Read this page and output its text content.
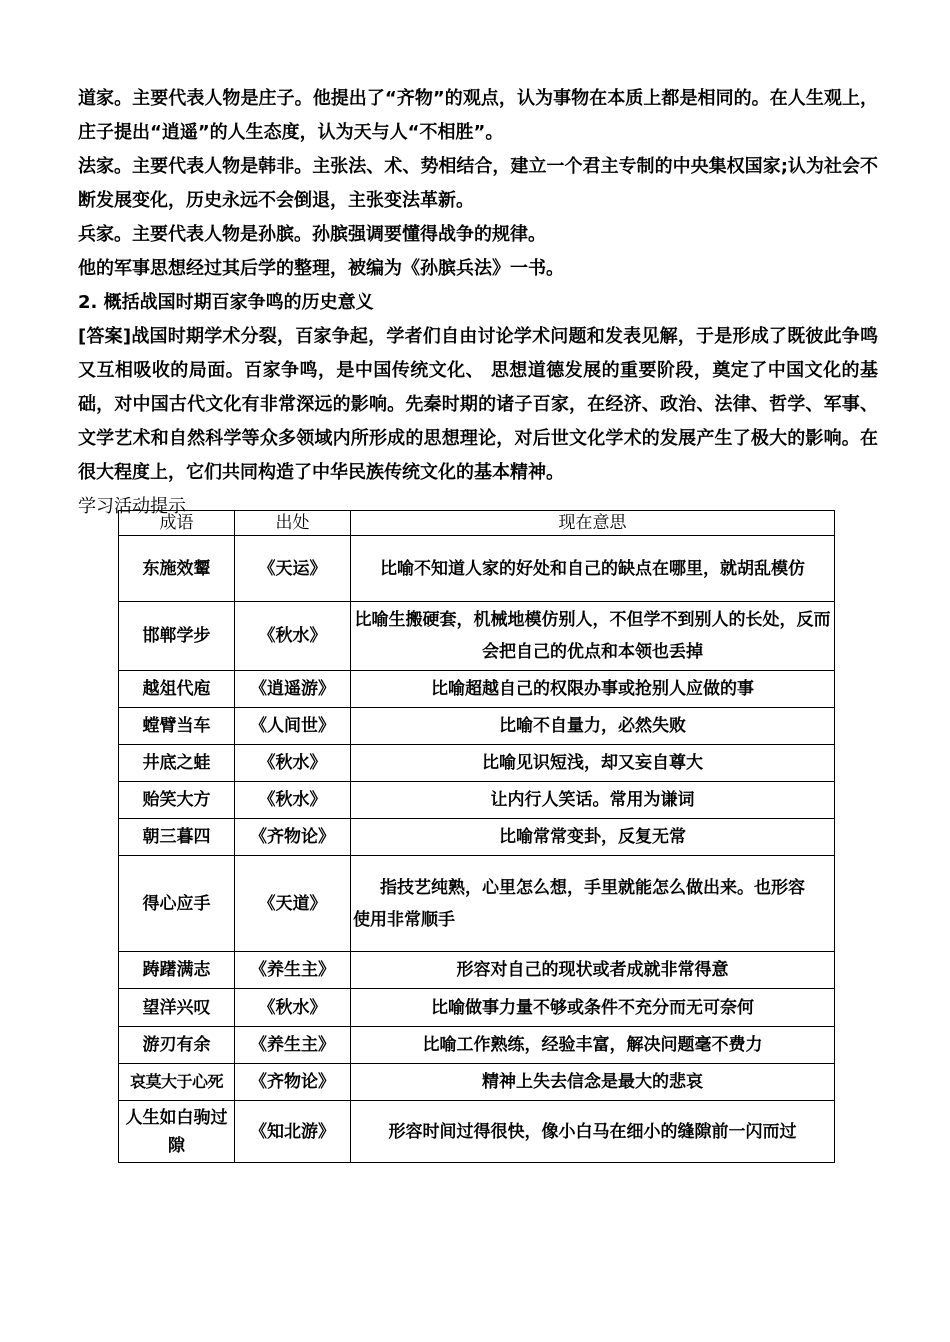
道家。主要代表人物是庄子。他提出了“齐物”的观点，认为事物在本质上都是相同的。在人生观上，庄子提出“逍遥”的人生态度，认为天与人“不相胜”。

法家。主要代表人物是韩非。主张法、术、势相结合，建立一个君主专制的中央集权国家;认为社会不断发展变化，历史永远不会倒退，主张变法革新。

兵家。主要代表人物是孙膑。孙膑强调要懂得战争的规律。

他的军事思想经过其后学的整理，被编为《孙膑兵法》一书。

2. 概括战国时期百家争鸣的历史意义

[答案]战国时期学术分裂，百家争起，学者们自由讨论学术问题和发表见解，于是形成了既彼此争鸣又互相吸收的局面。百家争鸣，是中国传统文化、 思想道德发展的重要阶段，奠定了中国文化的基础，对中国古代文化有非常深远的影响。先秦时期的诸子百家，在经济、政治、法律、哲学、军事、文学艺术和自然科学等众多领域内所形成的思想理论，对后世文化学术的发展产生了极大的影响。在很大程度上，它们共同构造了中华民族传统文化的基本精神。

学习活动提示

成语	出处	现在意思
东施效颦	《天运》	比喻不知道人家的好处和自己的缺点在哪里，就胡乱模仿
邯郸学步	《秋水》	比喻生搬硬套，机械地模仿别人，不但学不到别人的长处，反而会把自己的优点和本领也丢掉
越俎代庖	《逍遥游》	比喻超越自己的权限办事或抢别人应做的事
螳臂当车	《人间世》	比喻不自量力，必然失败
井底之蛙	《秋水》	比喻见识短浅，却又妄自尊大
贻笑大方	《秋水》	让内行人笑话。常用为谦词
朝三暮四	《齐物论》	比喻常常变卦，反复无常
得心应手	《天道》	指技艺纯熟，心里怎么想，手里就能怎么做出来。也形容
使用非常顺手

踌躇满志	《养生主》	形容对自己的现状或者成就非常得意
望洋兴叹	《秋水》	比喻做事力量不够或条件不充分而无可奈何
游刃有余	《养生主》	比喻工作熟练，经验丰富，解决问题毫不费力
哀莫大于心死	《齐物论》	精神上失去信念是最大的悲哀
人生如白驹过隙	《知北游》	形容时间过得很快，像小白马在细小的缝隙前一闪而过
